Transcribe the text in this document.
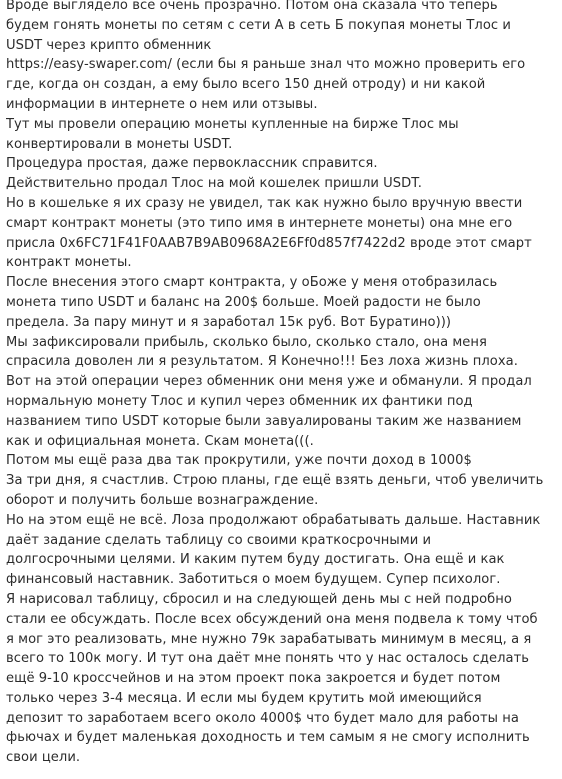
Вроде выглядело все очень прозрачно. Потом она сказала что теперь
будем гонять монеты по сетям с сети А в сеть Б покупая монеты Тлос и
USDT через крипто обменник
https://easy-swaper.com/ (если бы я раньше знал что можно проверить его
где, когда он создан, а ему было всего 150 дней отроду) и ни какой
информации в интернете о нем или отзывы.
Тут мы провели операцию монеты купленные на бирже Тлос мы
конвертировали в монеты USDT.
Процедура простая, даже первоклассник справится.
Действительно продал Тлос на мой кошелек пришли USDT.
Но в кошельке я их сразу не увидел, так как нужно было вручную ввести
смарт контракт монеты (это типо имя в интернете монеты) она мне его
присла 0x6FC71F41F0AAB7B9AB0968A2E6Ff0d857f7422d2 вроде этот смарт
контракт монеты.
После внесения этого смарт контракта, у оБоже у меня отобразилась
монета типо USDT и баланс на 200$ больше. Моей радости не было
предела. За пару минут и я заработал 15к руб. Вот Буратино)))
Мы зафиксировали прибыль, сколько было, сколько стало, она меня
спрасила доволен ли я результатом. Я Конечно!!! Без лоха жизнь плоха.
Вот на этой операции через обменник они меня уже и обманули. Я продал
нормальную монету Тлос и купил через обменник их фантики под
названием типо USDT которые были завуалированы таким же названием
как и официальная монета. Скам монета(((.
Потом мы ещё раза два так прокрутили, уже почти доход в 1000$
За три дня, я счастлив. Строю планы, где ещё взять деньги, чтоб увеличить
оборот и получить больше вознаграждение.
Но на этом ещё не всё. Лоза продолжают обрабатывать дальше. Наставник
даёт задание сделать таблицу со своими краткосрочными и
долгосрочными целями. И каким путем буду достигать. Она ещё и как
финансовый наставник. Заботиться о моем будущем. Супер психолог.
Я нарисовал таблицу, сбросил и на следующей день мы с ней подробно
стали ее обсуждать. После всех обсуждений она меня подвела к тому чтоб
я мог это реализовать, мне нужно 79к зарабатывать минимум в месяц, а я
всего то 100к могу. И тут она даёт мне понять что у нас осталось сделать
ещё 9-10 кроссчейнов и на этом проект пока закроется и будет потом
только через 3-4 месяца. И если мы будем крутить мой имеющийся
депозит то заработаем всего около 4000$ что будет мало для работы на
фьючах и будет маленькая доходность и тем самым я не смогу исполнить
свои цели.
